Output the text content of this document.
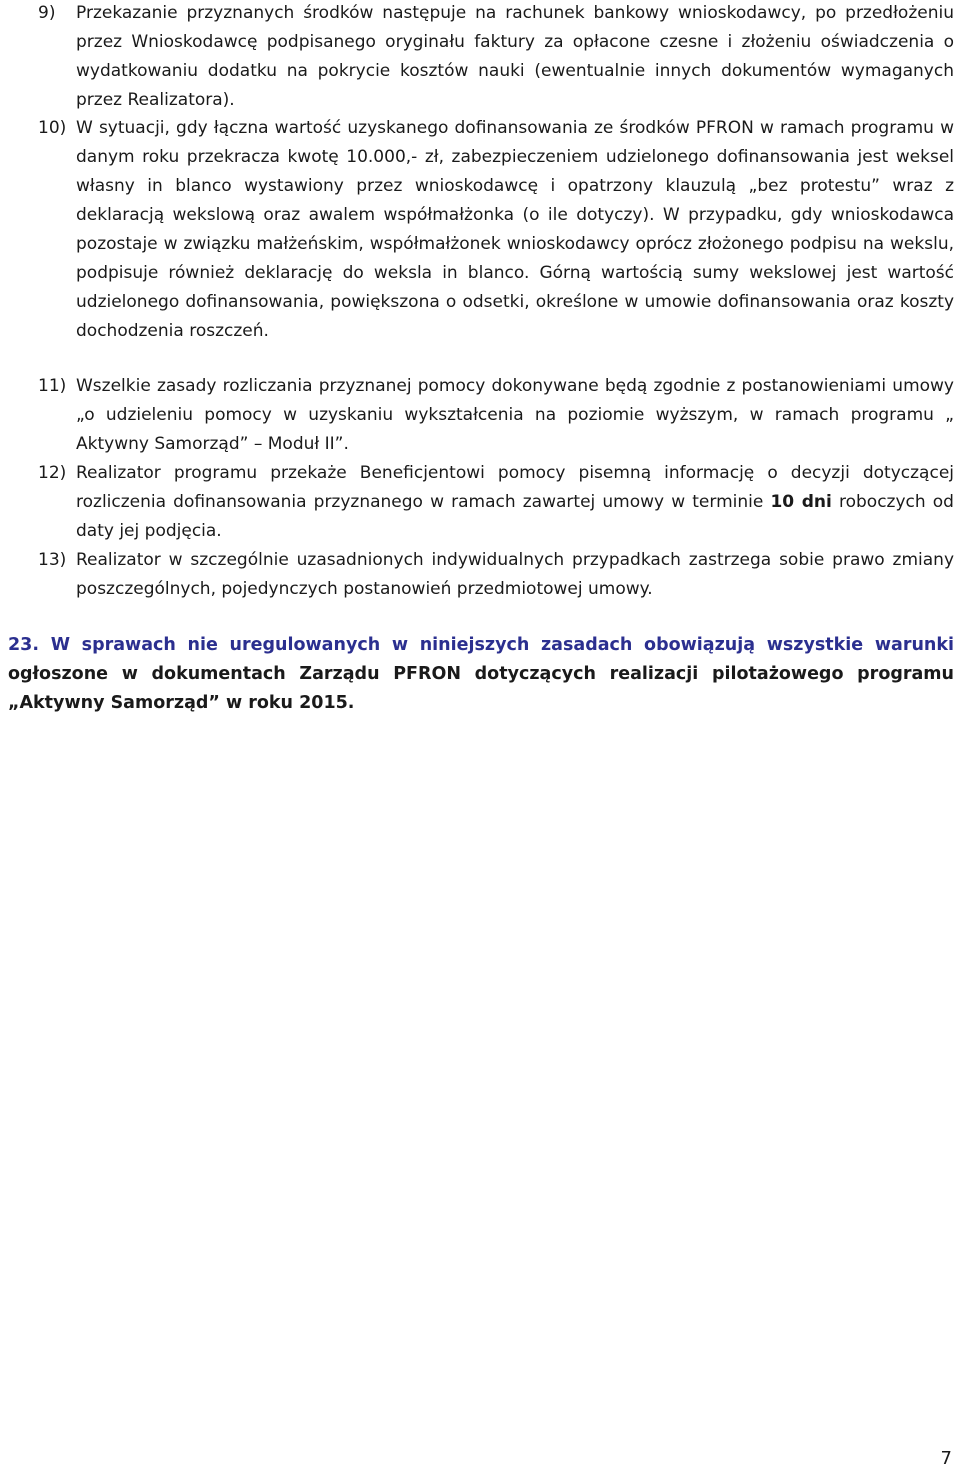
9)	Przekazanie przyznanych środków następuje na rachunek bankowy wnioskodawcy, po przedłożeniu przez Wnioskodawcę podpisanego oryginału faktury za opłacone czesne i złożeniu oświadczenia o wydatkowaniu dodatku na pokrycie kosztów nauki (ewentualnie innych dokumentów wymaganych przez Realizatora).
10) W sytuacji, gdy łączna wartość uzyskanego dofinansowania ze środków PFRON w ramach programu w danym roku przekracza kwotę 10.000,- zł, zabezpieczeniem udzielonego dofinansowania jest weksel własny in blanco wystawiony przez wnioskodawcę i opatrzony klauzulą „bez protestu” wraz z deklaracją wekslową oraz awalem współmałżonka (o ile dotyczy). W przypadku, gdy wnioskodawca pozostaje w związku małżeńskim, współmałżonek wnioskodawcy oprócz złożonego podpisu na wekslu, podpisuje również deklarację do weksla in blanco. Górną wartością sumy wekslowej jest wartość udzielonego dofinansowania, powiększona o odsetki, określone w umowie dofinansowania oraz koszty dochodzenia roszczeń.
11) Wszelkie zasady rozliczania przyznanej pomocy dokonywane będą zgodnie z postanowieniami umowy „o udzieleniu pomocy w uzyskaniu wykształcenia na poziomie wyższym, w ramach programu „ Aktywny Samorząd” – Moduł II”.
12) Realizator programu przekaże Beneficjentowi pomocy pisemną informację o decyzji dotyczącej rozliczenia dofinansowania przyznanego w ramach zawartej umowy w terminie 10 dni roboczych od daty jej podjęcia.
13) Realizator w szczególnie uzasadnionych indywidualnych przypadkach zastrzega sobie prawo zmiany poszczególnych, pojedynczych postanowień przedmiotowej umowy.
23. W sprawach nie uregulowanych w niniejszych zasadach obowiązują wszystkie warunki ogłoszone w dokumentach Zarządu PFRON dotyczących realizacji pilotażowego programu „Aktywny Samorząd” w roku 2015.
7
